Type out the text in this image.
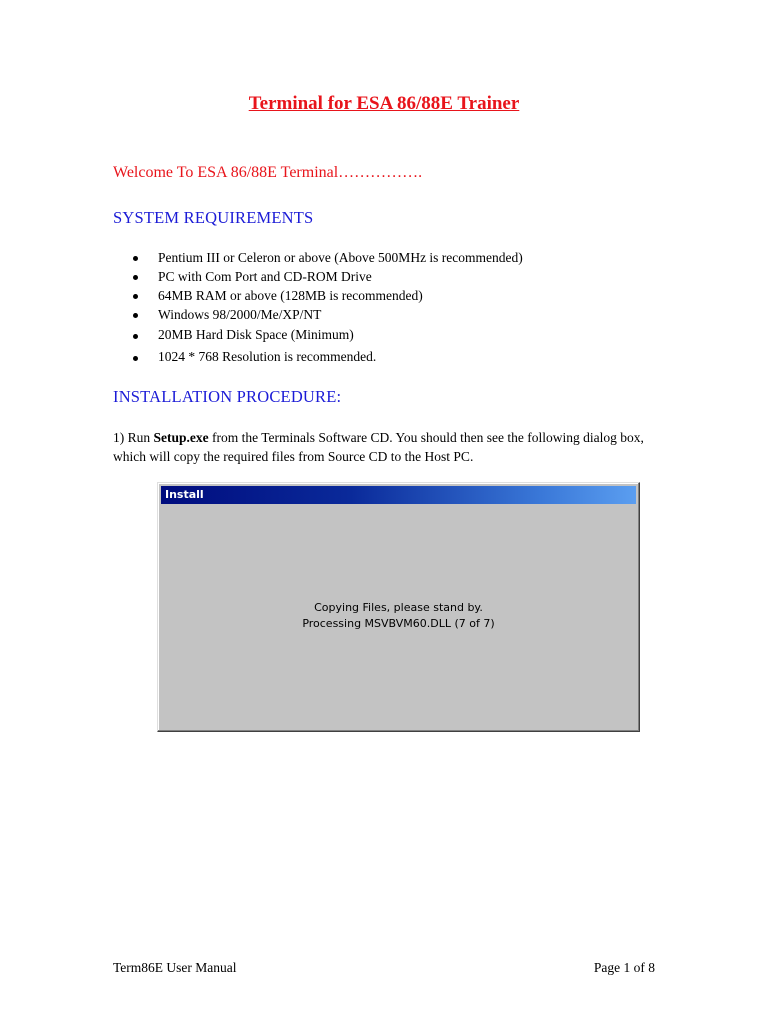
Terminal for ESA 86/88E Trainer
Welcome To ESA 86/88E Terminal…………….
SYSTEM REQUIREMENTS
Pentium III or Celeron or above (Above 500MHz is recommended)
PC with Com Port and CD-ROM Drive
64MB RAM or above (128MB is recommended)
Windows 98/2000/Me/XP/NT
20MB Hard Disk Space (Minimum)
1024 * 768 Resolution is recommended.
INSTALLATION PROCEDURE:
1) Run Setup.exe from the Terminals Software CD. You should then see the following dialog box, which will copy the required files from Source CD to the Host PC.
Install
Copying Files, please stand by.
Processing MSVBVM60.DLL (7 of 7)
Term86E User Manual	Page 1 of 8
